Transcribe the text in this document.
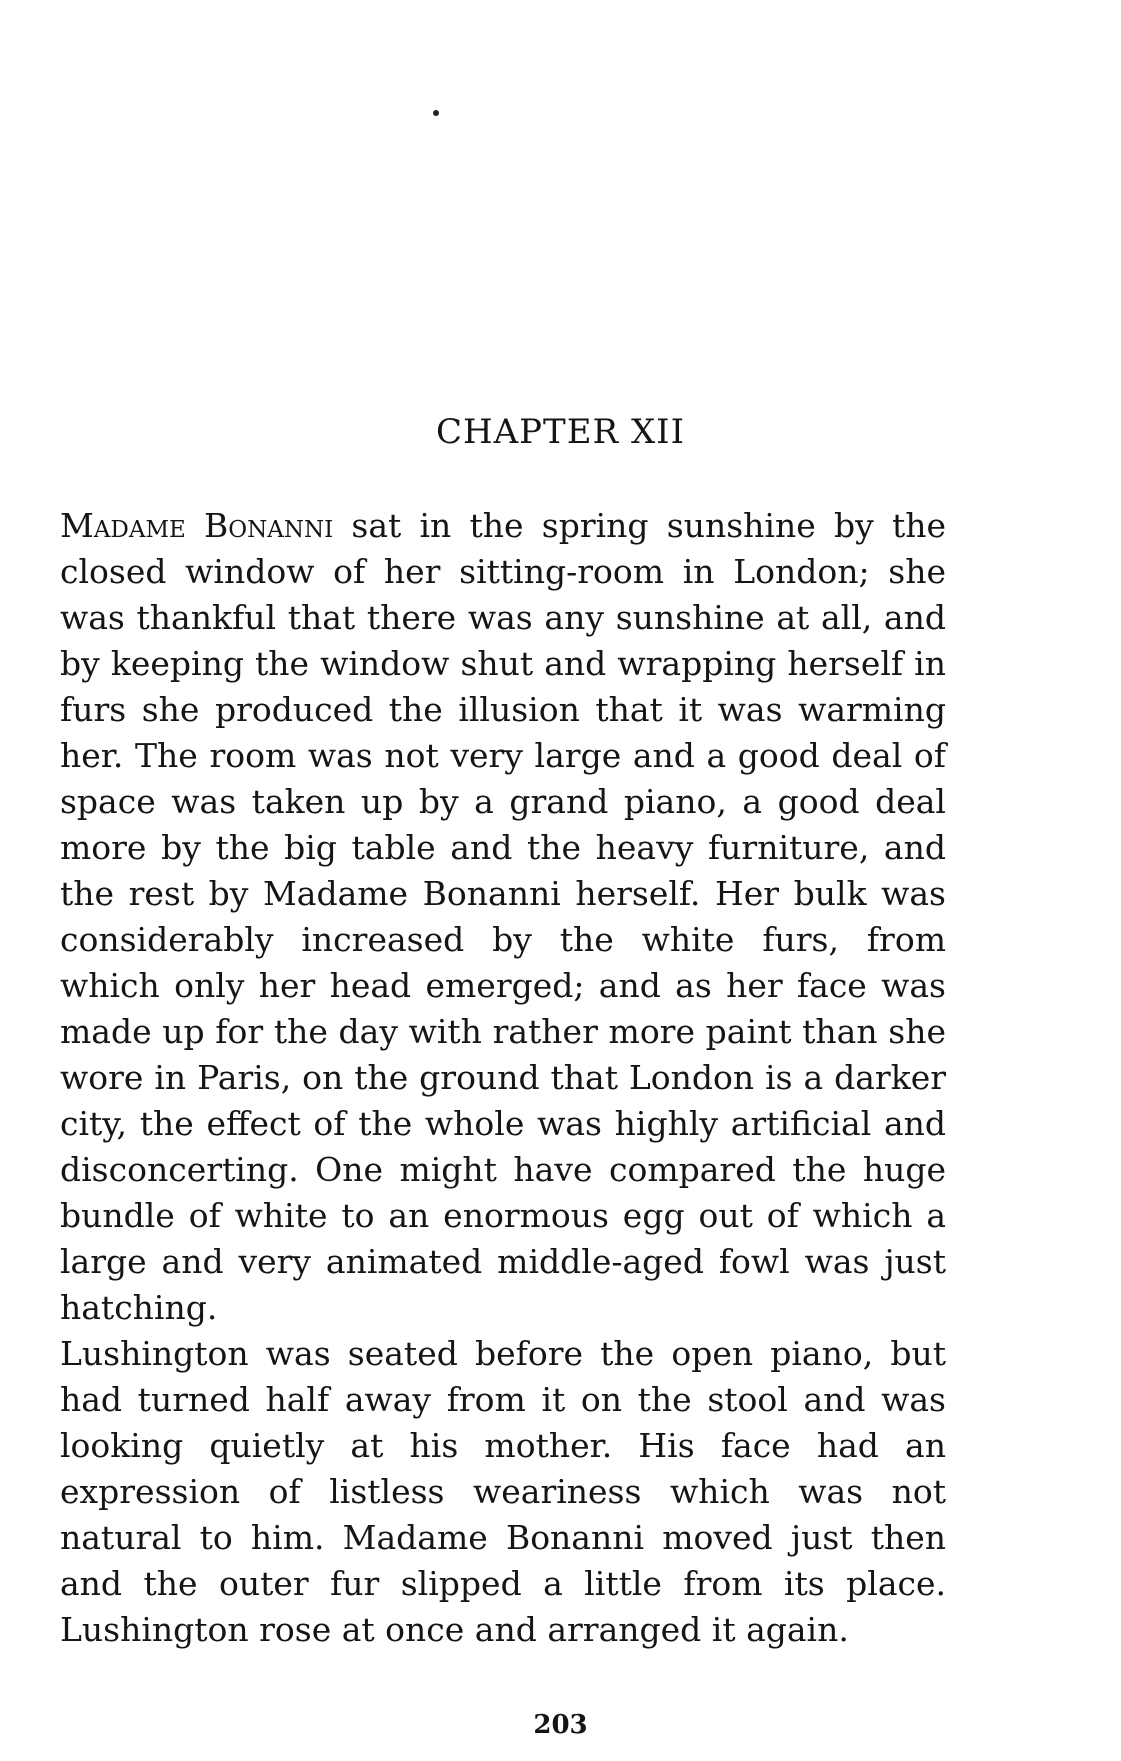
CHAPTER XII

Madame Bonanni sat in the spring sunshine by the closed window of her sitting-room in London; she was thankful that there was any sunshine at all, and by keeping the window shut and wrapping herself in furs she produced the illusion that it was warming her. The room was not very large and a good deal of space was taken up by a grand piano, a good deal more by the big table and the heavy furniture, and the rest by Madame Bonanni herself. Her bulk was considerably increased by the white furs, from which only her head emerged; and as her face was made up for the day with rather more paint than she wore in Paris, on the ground that London is a darker city, the effect of the whole was highly artificial and disconcerting. One might have compared the huge bundle of white to an enormous egg out of which a large and very animated middle-aged fowl was just hatching.

Lushington was seated before the open piano, but had turned half away from it on the stool and was looking quietly at his mother. His face had an expression of listless weariness which was not natural to him. Madame Bonanni moved just then and the outer fur slipped a little from its place. Lushington rose at once and arranged it again.

203
